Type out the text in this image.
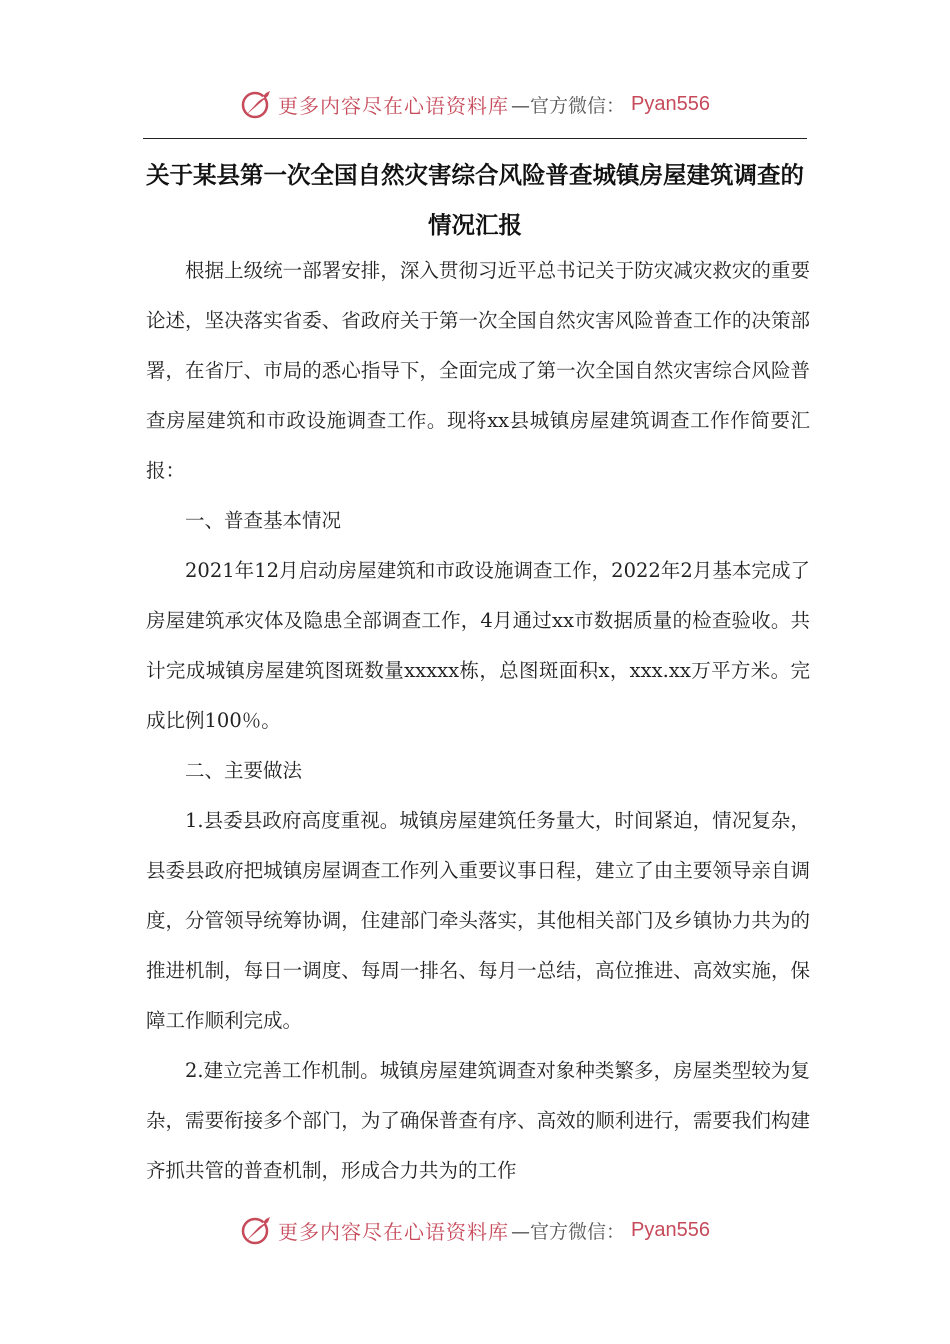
更多内容尽在心语资料库 —官方微信： Pyan556
关于某县第一次全国自然灾害综合风险普查城镇房屋建筑调查的情况汇报

根据上级统一部署安排，深入贯彻习近平总书记关于防灾减灾救灾的重要论述，坚决落实省委、省政府关于第一次全国自然灾害风险普查工作的决策部署，在省厅、市局的悉心指导下，全面完成了第一次全国自然灾害综合风险普查房屋建筑和市政设施调查工作。现将xx县城镇房屋建筑调查工作作简要汇报：

一、普查基本情况

2021年12月启动房屋建筑和市政设施调查工作，2022年2月基本完成了房屋建筑承灾体及隐患全部调查工作，4月通过xx市数据质量的检查验收。共计完成城镇房屋建筑图斑数量xxxxx栋，总图斑面积x，xxx.xx万平方米。完成比例100％。

二、主要做法

1.县委县政府高度重视。城镇房屋建筑任务量大，时间紧迫，情况复杂，县委县政府把城镇房屋调查工作列入重要议事日程，建立了由主要领导亲自调度，分管领导统筹协调，住建部门牵头落实，其他相关部门及乡镇协力共为的推进机制，每日一调度、每周一排名、每月一总结，高位推进、高效实施，保障工作顺利完成。

2.建立完善工作机制。城镇房屋建筑调查对象种类繁多，房屋类型较为复杂，需要衔接多个部门，为了确保普查有序、高效的顺利进行，需要我们构建齐抓共管的普查机制，形成合力共为的工作

更多内容尽在心语资料库 —官方微信： Pyan556
